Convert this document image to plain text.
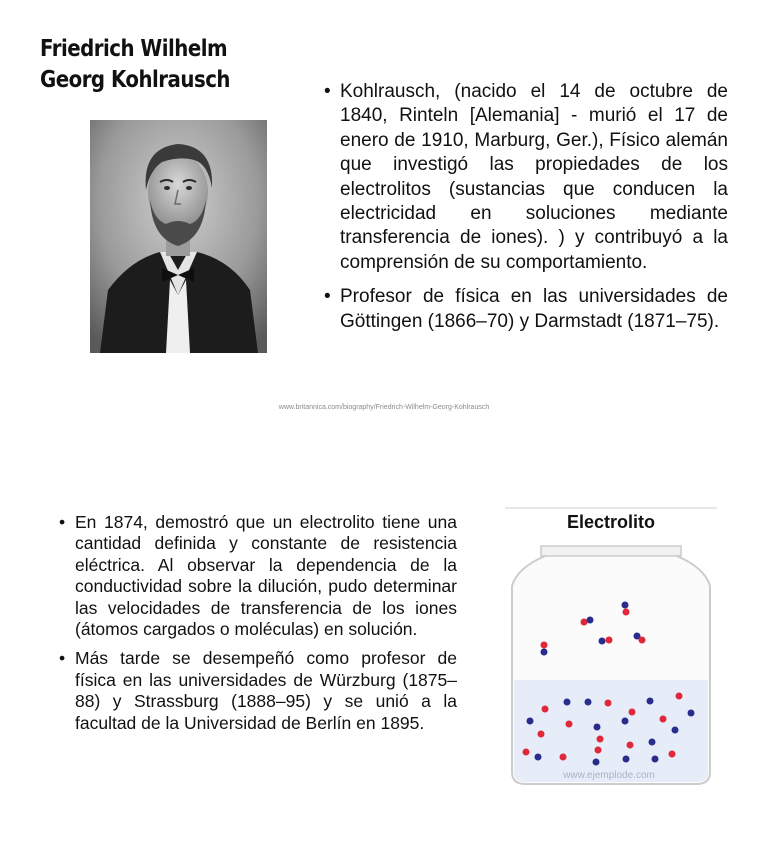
Friedrich Wilhelm
Georg Kohlrausch
•	Kohlrausch, (nacido el 14 de octubre de 1840, Rinteln [Alemania] - murió el 17 de enero de 1910, Marburg, Ger.), Físico alemán que investigó las propiedades de los electrolitos (sustancias que conducen la electricidad en soluciones mediante transferencia de iones). ) y contribuyó a la comprensión de su comportamiento.
• Profesor de física en las universidades de Göttingen (1866–70) y Darmstadt (1871–75).
www.britannica.com/biography/Friedrich-Wilhelm-Georg-Kohlrausch
• En 1874, demostró que un electrolito tiene una cantidad definida y constante de resistencia eléctrica. Al observar la dependencia de la conductividad sobre la dilución, pudo determinar las velocidades de transferencia de los iones (átomos cargados o moléculas) en solución.
• Más tarde se desempeñó como profesor de física en las universidades de Würzburg (1875–88) y Strassburg (1888–95) y se unió a la facultad de la Universidad de Berlín en 1895.
Electrolito
www.ejemplode.com
